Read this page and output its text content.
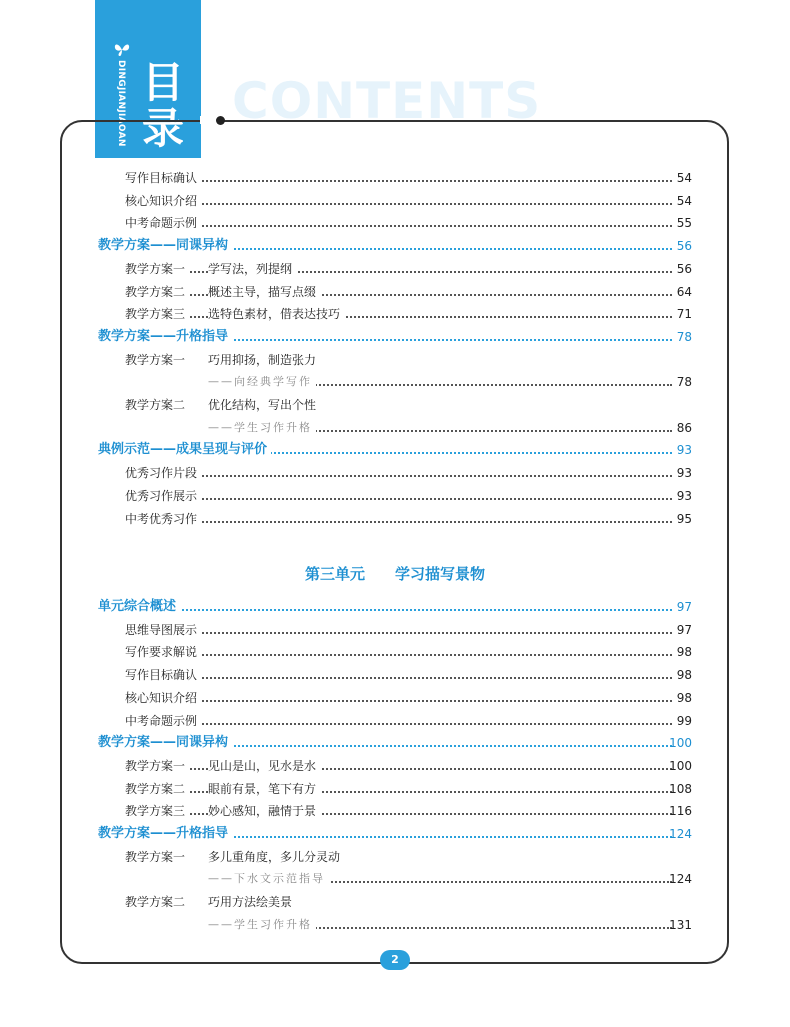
DINGJIANJIAOAN 目录 CONTENTS
写作目标确认	54
核心知识介绍	54
中考命题示例	55
教学方案——同课异构	56
教学方案一	学写法，列提纲	56
教学方案二	概述主导，描写点缀	64
教学方案三	选特色素材，借表达技巧	71
教学方案——升格指导	78
教学方案一	巧用抑扬，制造张力
——向经典学写作	78
教学方案二	优化结构，写出个性
——学生习作升格	86
典例示范——成果呈现与评价	93
优秀习作片段	93
优秀习作展示	93
中考优秀习作	95
第三单元 学习描写景物
单元综合概述	97
思维导图展示	97
写作要求解说	98
写作目标确认	98
核心知识介绍	98
中考命题示例	99
教学方案——同课异构	100
教学方案一	见山是山，见水是水	100
教学方案二	眼前有景，笔下有方	108
教学方案三	妙心感知，融情于景	116
教学方案——升格指导	124
教学方案一	多儿重角度，多儿分灵动
——下水文示范指导	124
教学方案二	巧用方法绘美景
——学生习作升格	131
2
